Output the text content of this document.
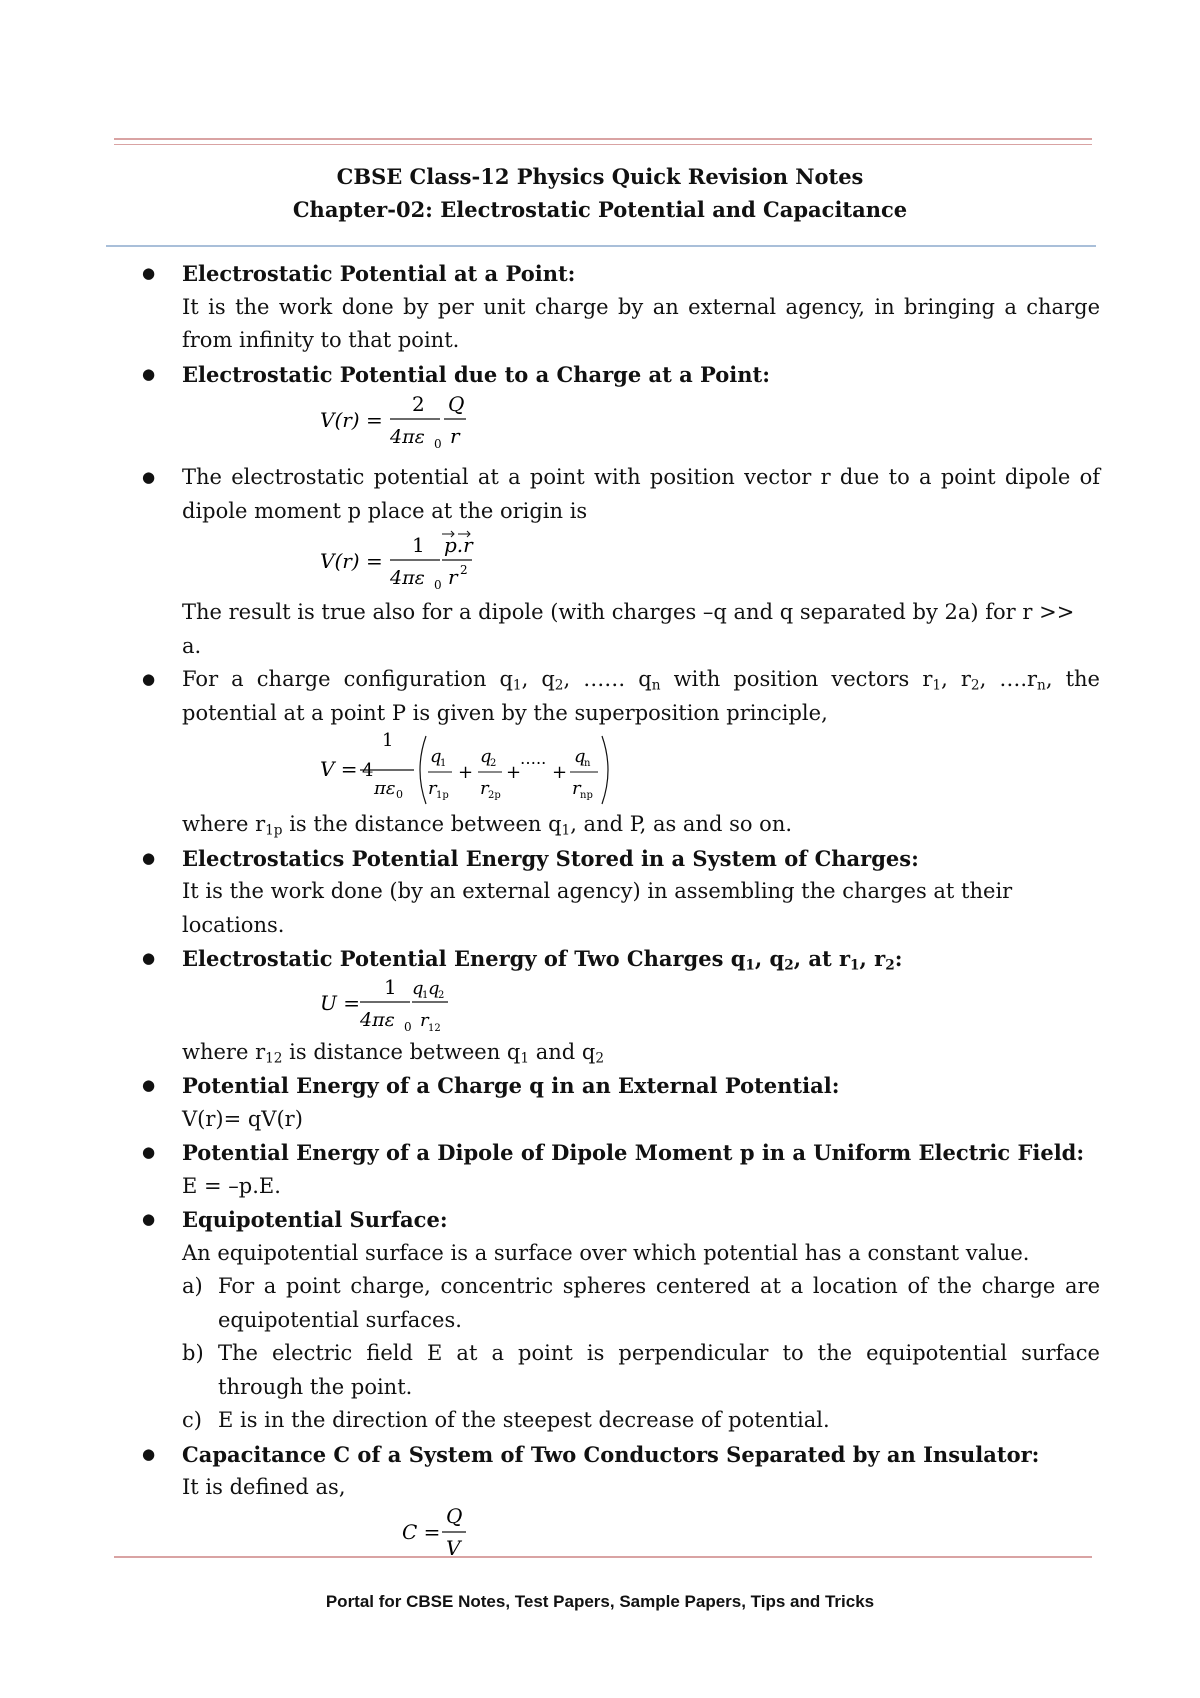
CBSE Class-12 Physics Quick Revision Notes
Chapter-02: Electrostatic Potential and Capacitance
● Electrostatic Potential at a Point:
It is the work done by per unit charge by an external agency, in bringing a charge from infinity to that point.
● Electrostatic Potential due to a Charge at a Point:
V(r) =
2
4πε 0
Q
r
● The electrostatic potential at a point with position vector r due to a point dipole of dipole moment p place at the origin is
V(r) =
1
4πε 0
p.r
r 2
The result is true also for a dipole (with charges –q and q separated by 2a) for r >> a.
● For a charge configuration $q_1$, $q_2$, …… $q_n$ with position vectors $r_1$, $r_2$, $\dots.r_n$, the potential at a point P is given by the superposition principle,
V =
1
4
πε 0
q
1
r 1p
+
q
2
r 2p
+
…..
+
q
n
r np
where $r_{1p}$ is the distance between $q_1$, and P, as and so on.
● Electrostatics Potential Energy Stored in a System of Charges:
It is the work done (by an external agency) in assembling the charges at their locations.
● Electrostatic Potential Energy of Two Charges $q_1$, $q_2$, at $r_1$, $r_2$:
U =
1
4πε 0
q
1 q
2
r 12
where $r_{12}$ is distance between $q_1$ and $q_2$
● Potential Energy of a Charge q in an External Potential:
V(r)= qV(r)
● Potential Energy of a Dipole of Dipole Moment p in a Uniform Electric Field:
E = –p.E.
● Equipotential Surface:
An equipotential surface is a surface over which potential has a constant value.
a) For a point charge, concentric spheres centered at a location of the charge are equipotential surfaces.
b) The electric field E at a point is perpendicular to the equipotential surface through the point.
c) E is in the direction of the steepest decrease of potential.
● Capacitance C of a System of Two Conductors Separated by an Insulator:
It is defined as,
C =
Q
V
Portal for CBSE Notes, Test Papers, Sample Papers, Tips and Tricks
